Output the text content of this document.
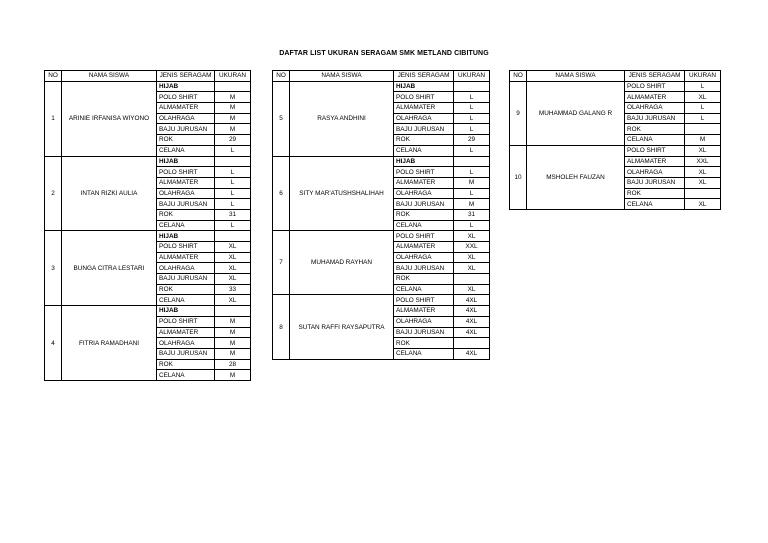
DAFTAR LIST UKURAN SERAGAM SMK METLAND CIBITUNG
NO	NAMA SISWA	JENIS SERAGAM	UKURAN
1	ARINIE IRFANISA WIYONO	HIJAB	
		POLO SHIRT	M
		ALMAMATER	M
		OLAHRAGA	M
		BAJU JURUSAN	M
		ROK	29
		CELANA	L
2	INTAN RIZKI AULIA	HIJAB	
		POLO SHIRT	L
		ALMAMATER	L
		OLAHRAGA	L
		BAJU JURUSAN	L
		ROK	31
		CELANA	L
3	BUNGA CITRA LESTARI	HIJAB	
		POLO SHIRT	XL
		ALMAMATER	XL
		OLAHRAGA	XL
		BAJU JURUSAN	XL
		ROK	33
		CELANA	XL
4	FITRIA RAMADHANI	HIJAB	
		POLO SHIRT	M
		ALMAMATER	M
		OLAHRAGA	M
		BAJU JURUSAN	M
		ROK	28
		CELANA	M
NO	NAMA SISWA	JENIS SERAGAM	UKURAN
5	RASYA ANDHINI	HIJAB	
		POLO SHIRT	L
		ALMAMATER	L
		OLAHRAGA	L
		BAJU JURUSAN	L
		ROK	29
		CELANA	L
6	SITY MAR'ATUSHSHALIHAH	HIJAB	
		POLO SHIRT	L
		ALMAMATER	M
		OLAHRAGA	L
		BAJU JURUSAN	M
		ROK	31
		CELANA	L
7	MUHAMAD RAYHAN	POLO SHIRT	XL
		ALMAMATER	XXL
		OLAHRAGA	XL
		BAJU JURUSAN	XL
		ROK	
		CELANA	XL
8	SUTAN RAFFI RAYSAPUTRA	POLO SHIRT	4XL
		ALMAMATER	4XL
		OLAHRAGA	4XL
		BAJU JURUSAN	4XL
		ROK	
		CELANA	4XL
NO	NAMA SISWA	JENIS SERAGAM	UKURAN
9	MUHAMMAD GALANG R	POLO SHIRT	L
		ALMAMATER	XL
		OLAHRAGA	L
		BAJU JURUSAN	L
		ROK	
		CELANA	M
10	MSHOLEH FAUZAN	POLO SHIRT	XL
		ALMAMATER	XXL
		OLAHRAGA	XL
		BAJU JURUSAN	XL
		ROK	
		CELANA	XL
